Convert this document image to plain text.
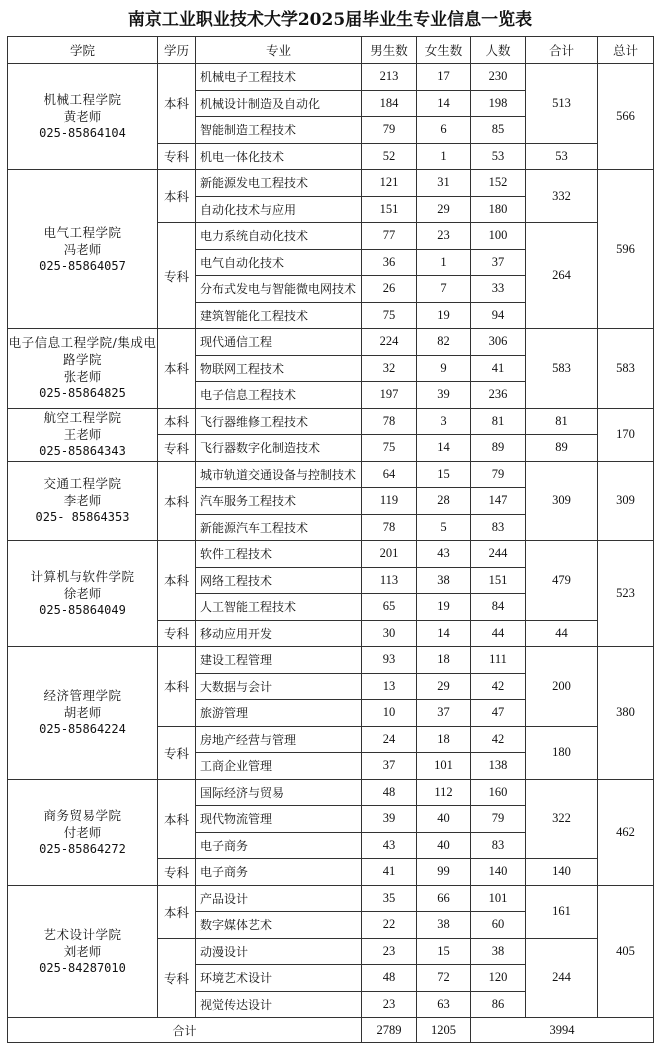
南京工业职业技术大学2025届毕业生专业信息一览表
学院	学历	专业	男生数	女生数	人数	合计	总计

机械工程学院
黄老师
025-85864104	本科	机械电子工程技术	213	17	230	513	566
		机械设计制造及自动化	184	14	198		
		智能制造工程技术	79	6	85		
	专科	机电一体化技术	52	1	53	53	

电气工程学院
冯老师
025-85864057	本科	新能源发电工程技术	121	31	152	332	596
		自动化技术与应用	151	29	180		
	专科	电力系统自动化技术	77	23	100	264	
		电气自动化技术	36	1	37		
		分布式发电与智能微电网技术	26	7	33		
		建筑智能化工程技术	75	19	94		

电子信息工程学院/集成电路学院
张老师
025-85864825	本科	现代通信工程	224	82	306	583	583
		物联网工程技术	32	9	41		
		电子信息工程技术	197	39	236		

航空工程学院
王老师
025-85864343	本科	飞行器维修工程技术	78	3	81	81	170
	专科	飞行器数字化制造技术	75	14	89	89	

交通工程学院
李老师
025- 85864353	本科	城市轨道交通设备与控制技术	64	15	79	309	309
		汽车服务工程技术	119	28	147		
		新能源汽车工程技术	78	5	83		

计算机与软件学院
徐老师
025-85864049	本科	软件工程技术	201	43	244	479	523
		网络工程技术	113	38	151		
		人工智能工程技术	65	19	84		
	专科	移动应用开发	30	14	44	44	

经济管理学院
胡老师
025-85864224	本科	建设工程管理	93	18	111	200	380
		大数据与会计	13	29	42		
		旅游管理	10	37	47		
	专科	房地产经营与管理	24	18	42	180	
		工商企业管理	37	101	138		

商务贸易学院
付老师
025-85864272	本科	国际经济与贸易	48	112	160	322	462
		现代物流管理	39	40	79		
		电子商务	43	40	83		
	专科	电子商务	41	99	140	140	

艺术设计学院
刘老师
025-84287010	本科	产品设计	35	66	101	161	405
		数字媒体艺术	22	38	60		
	专科	动漫设计	23	15	38	244	
		环境艺术设计	48	72	120		
		视觉传达设计	23	63	86		
合计			2789	1205	3994		
